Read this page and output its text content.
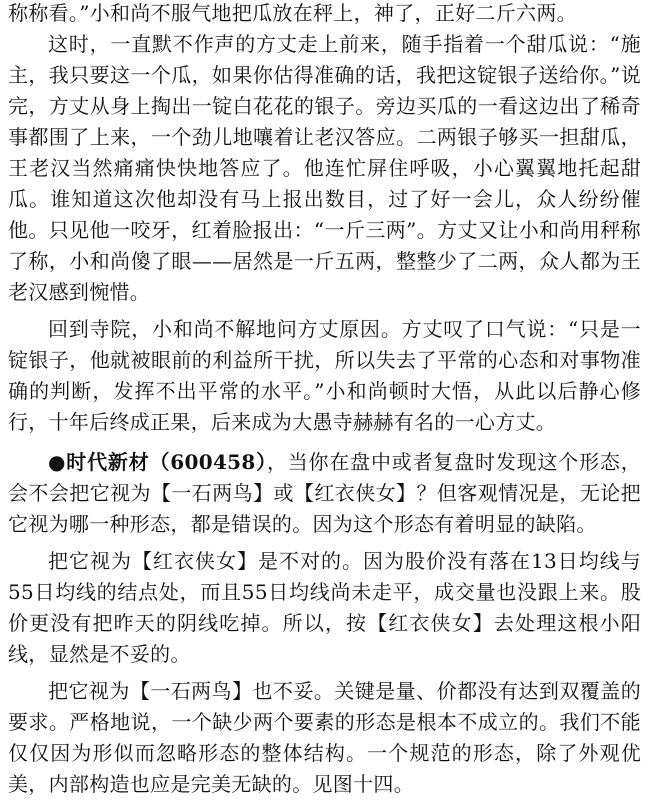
称称看。”小和尚不服气地把瓜放在秤上，神了，正好二斤六两。

这时，一直默不作声的方丈走上前来，随手指着一个甜瓜说：“施主，我只要这一个瓜，如果你估得准确的话，我把这锭银子送给你。”说完，方丈从身上掏出一锭白花花的银子。旁边买瓜的一看这边出了稀奇事都围了上来，一个劲儿地嚷着让老汉答应。二两银子够买一担甜瓜，王老汉当然痛痛快快地答应了。他连忙屏住呼吸，小心翼翼地托起甜瓜。谁知道这次他却没有马上报出数目，过了好一会儿，众人纷纷催他。只见他一咬牙，红着脸报出：“一斤三两”。方丈又让小和尚用秤称了称，小和尚傻了眼——居然是一斤五两，整整少了二两，众人都为王老汉感到惋惜。

回到寺院，小和尚不解地问方丈原因。方丈叹了口气说：“只是一锭银子，他就被眼前的利益所干扰，所以失去了平常的心态和对事物准确的判断，发挥不出平常的水平。”小和尚顿时大悟，从此以后静心修行，十年后终成正果，后来成为大愚寺赫赫有名的一心方丈。

●时代新材（600458），当你在盘中或者复盘时发现这个形态，会不会把它视为【一石两鸟】或【红衣侠女】？但客观情况是，无论把它视为哪一种形态，都是错误的。因为这个形态有着明显的缺陷。

把它视为【红衣侠女】是不对的。因为股价没有落在13日均线与55日均线的结点处，而且55日均线尚未走平，成交量也没跟上来。股价更没有把昨天的阴线吃掉。所以，按【红衣侠女】去处理这根小阳线，显然是不妥的。

把它视为【一石两鸟】也不妥。关键是量、价都没有达到双覆盖的要求。严格地说，一个缺少两个要素的形态是根本不成立的。我们不能仅仅因为形似而忽略形态的整体结构。一个规范的形态，除了外观优美，内部构造也应是完美无缺的。见图十四。
